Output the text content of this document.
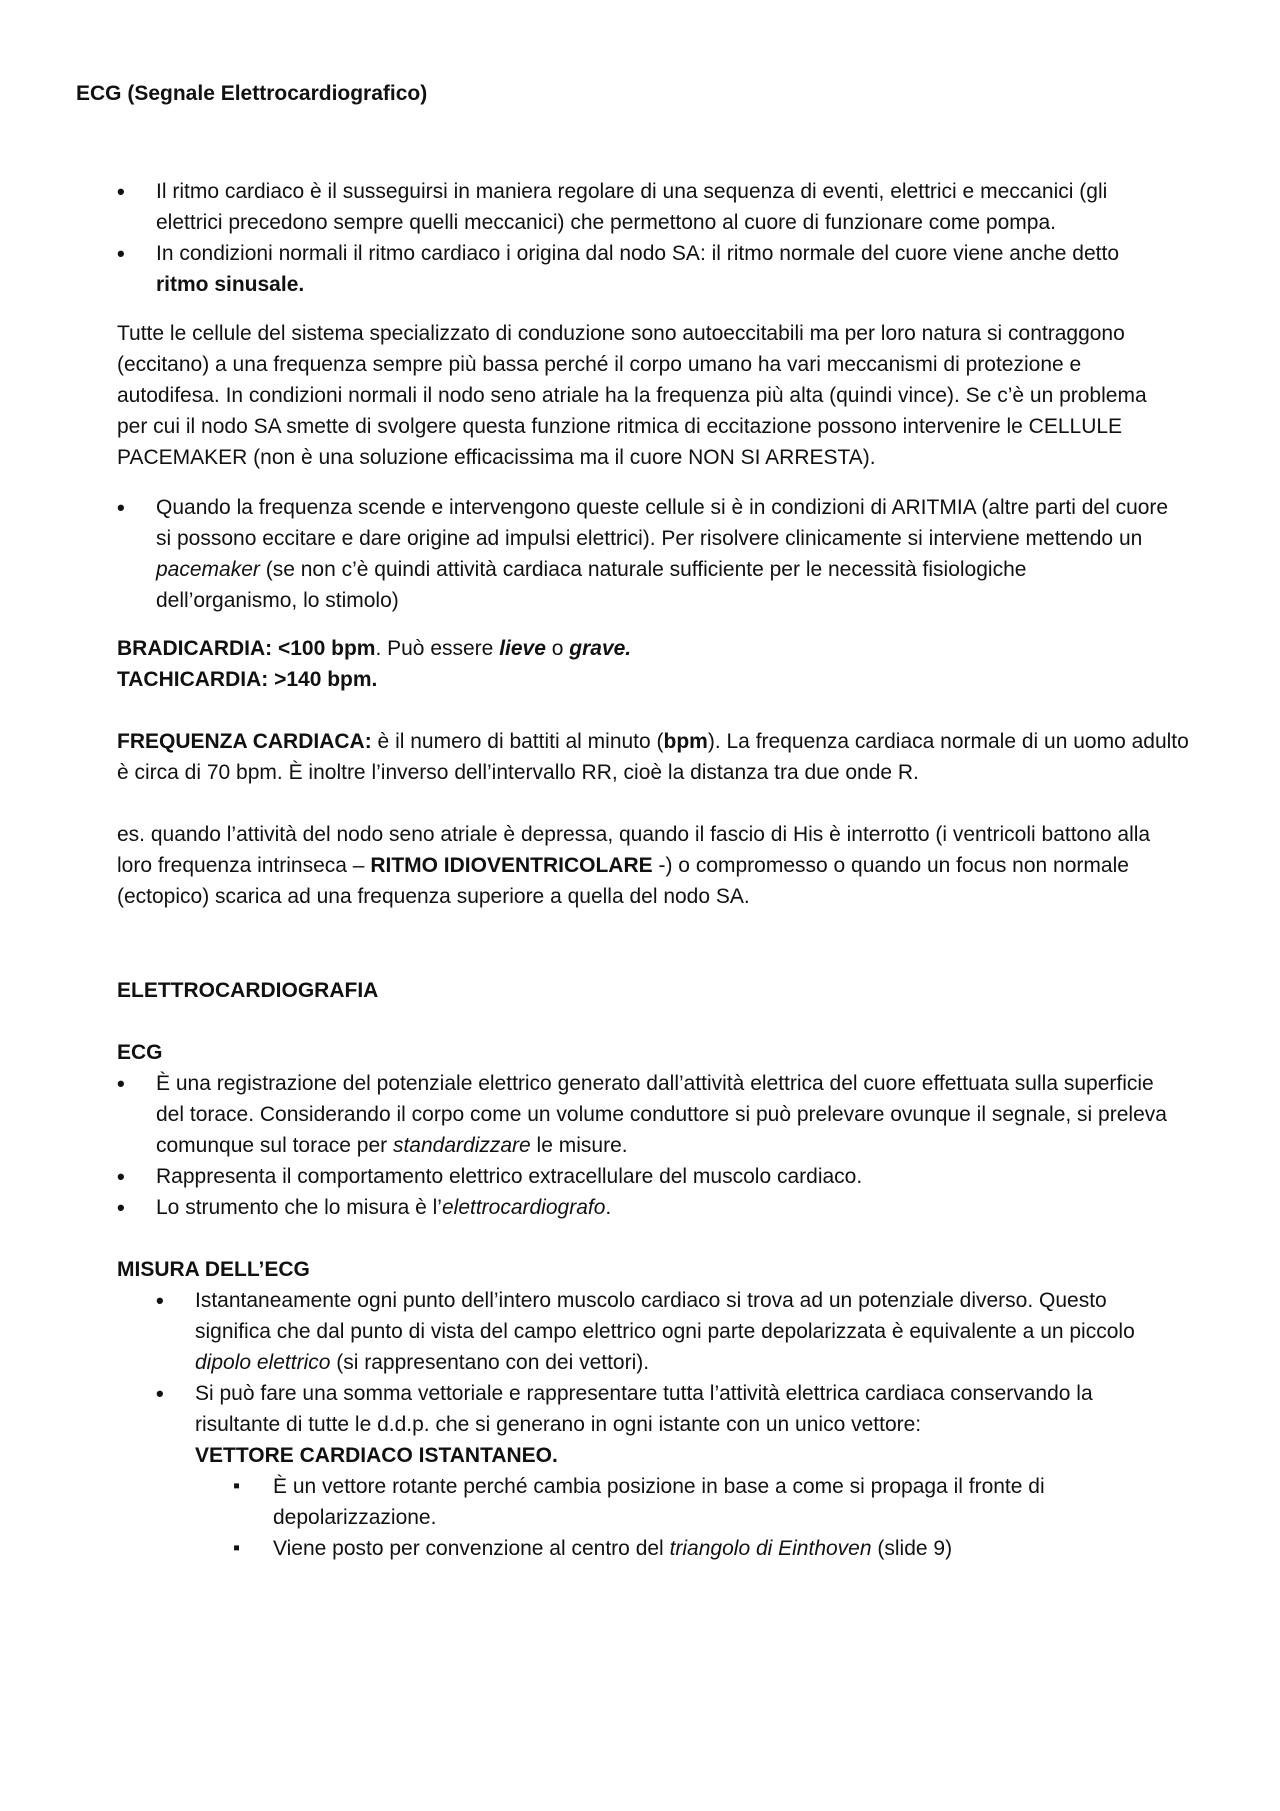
ECG (Segnale Elettrocardiografico)
• Il ritmo cardiaco è il susseguirsi in maniera regolare di una sequenza di eventi, elettrici e meccanici (gli
elettrici precedono sempre quelli meccanici) che permettono al cuore di funzionare come pompa.
• In condizioni normali il ritmo cardiaco i origina dal nodo SA: il ritmo normale del cuore viene anche detto
ritmo sinusale.
Tutte le cellule del sistema specializzato di conduzione sono autoeccitabili ma per loro natura si contraggono
(eccitano) a una frequenza sempre più bassa perché il corpo umano ha vari meccanismi di protezione e
autodifesa. In condizioni normali il nodo seno atriale ha la frequenza più alta (quindi vince). Se c’è un problema
per cui il nodo SA smette di svolgere questa funzione ritmica di eccitazione possono intervenire le CELLULE
PACEMAKER (non è una soluzione efficacissima ma il cuore NON SI ARRESTA).
• Quando la frequenza scende e intervengono queste cellule si è in condizioni di ARITMIA (altre parti del cuore
si possono eccitare e dare origine ad impulsi elettrici). Per risolvere clinicamente si interviene mettendo un
pacemaker (se non c’è quindi attività cardiaca naturale sufficiente per le necessità fisiologiche
dell’organismo, lo stimolo)
BRADICARDIA: <100 bpm. Può essere lieve o grave.
TACHICARDIA: >140 bpm.
FREQUENZA CARDIACA: è il numero di battiti al minuto (bpm). La frequenza cardiaca normale di un uomo adulto
è circa di 70 bpm. È inoltre l’inverso dell’intervallo RR, cioè la distanza tra due onde R.
es. quando l’attività del nodo seno atriale è depressa, quando il fascio di His è interrotto (i ventricoli battono alla
loro frequenza intrinseca – RITMO IDIOVENTRICOLARE -) o compromesso o quando un focus non normale
(ectopico) scarica ad una frequenza superiore a quella del nodo SA.
ELETTROCARDIOGRAFIA
ECG
• È una registrazione del potenziale elettrico generato dall’attività elettrica del cuore effettuata sulla superficie
del torace. Considerando il corpo come un volume conduttore si può prelevare ovunque il segnale, si preleva
comunque sul torace per standardizzare le misure.
• Rappresenta il comportamento elettrico extracellulare del muscolo cardiaco.
• Lo strumento che lo misura è l’elettrocardiografo.
MISURA DELL’ECG
• Istantaneamente ogni punto dell’intero muscolo cardiaco si trova ad un potenziale diverso. Questo
significa che dal punto di vista del campo elettrico ogni parte depolarizzata è equivalente a un piccolo
dipolo elettrico (si rappresentano con dei vettori).
• Si può fare una somma vettoriale e rappresentare tutta l’attività elettrica cardiaca conservando la
risultante di tutte le d.d.p. che si generano in ogni istante con un unico vettore:
VETTORE CARDIACO ISTANTANEO.
▪ È un vettore rotante perché cambia posizione in base a come si propaga il fronte di
depolarizzazione.
▪ Viene posto per convenzione al centro del triangolo di Einthoven (slide 9)
